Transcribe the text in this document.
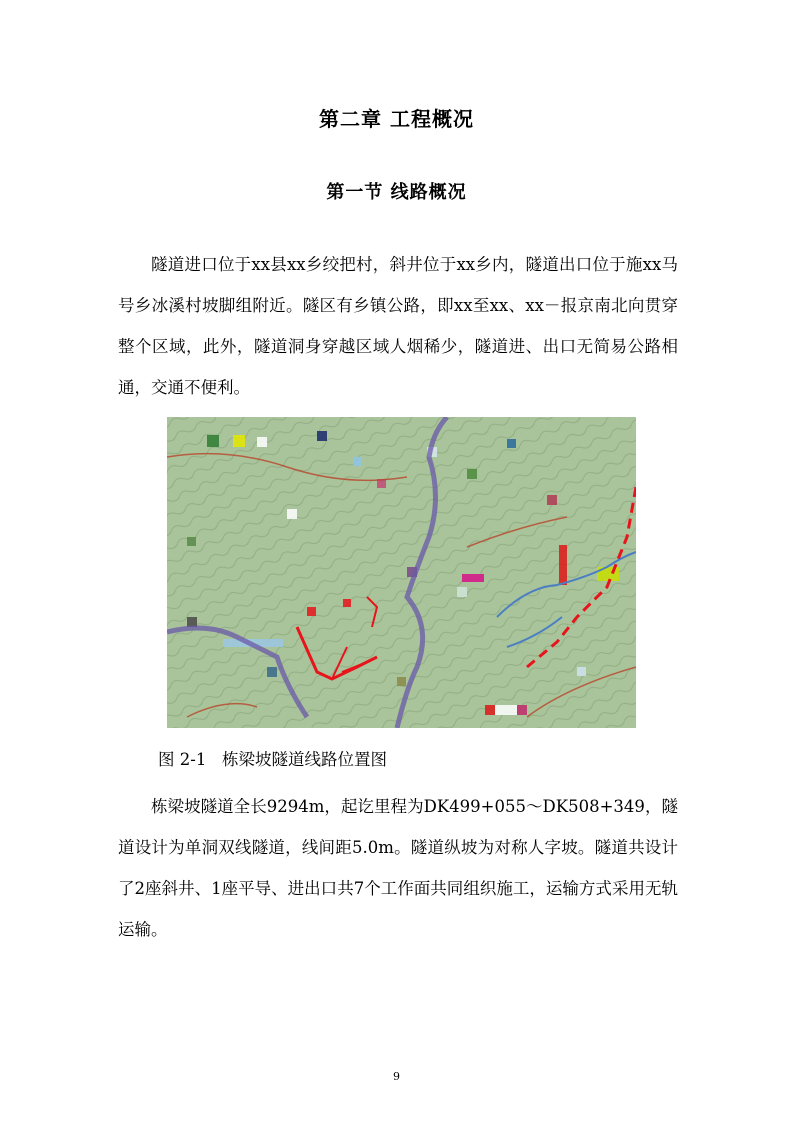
第二章 工程概况
第一节 线路概况

隧道进口位于xx县xx乡绞把村，斜井位于xx乡内，隧道出口位于施xx马号乡冰溪村坡脚组附近。隧区有乡镇公路，即xx至xx、xx－报京南北向贯穿整个区域，此外，隧道洞身穿越区域人烟稀少，隧道进、出口无简易公路相通，交通不便利。

图 2-1   栋梁坡隧道线路位置图

栋梁坡隧道全长9294m，起讫里程为DK499+055～DK508+349，隧道设计为单洞双线隧道，线间距5.0m。隧道纵坡为对称人字坡。隧道共设计了2座斜井、1座平导、进出口共7个工作面共同组织施工，运输方式采用无轨运输。

9
